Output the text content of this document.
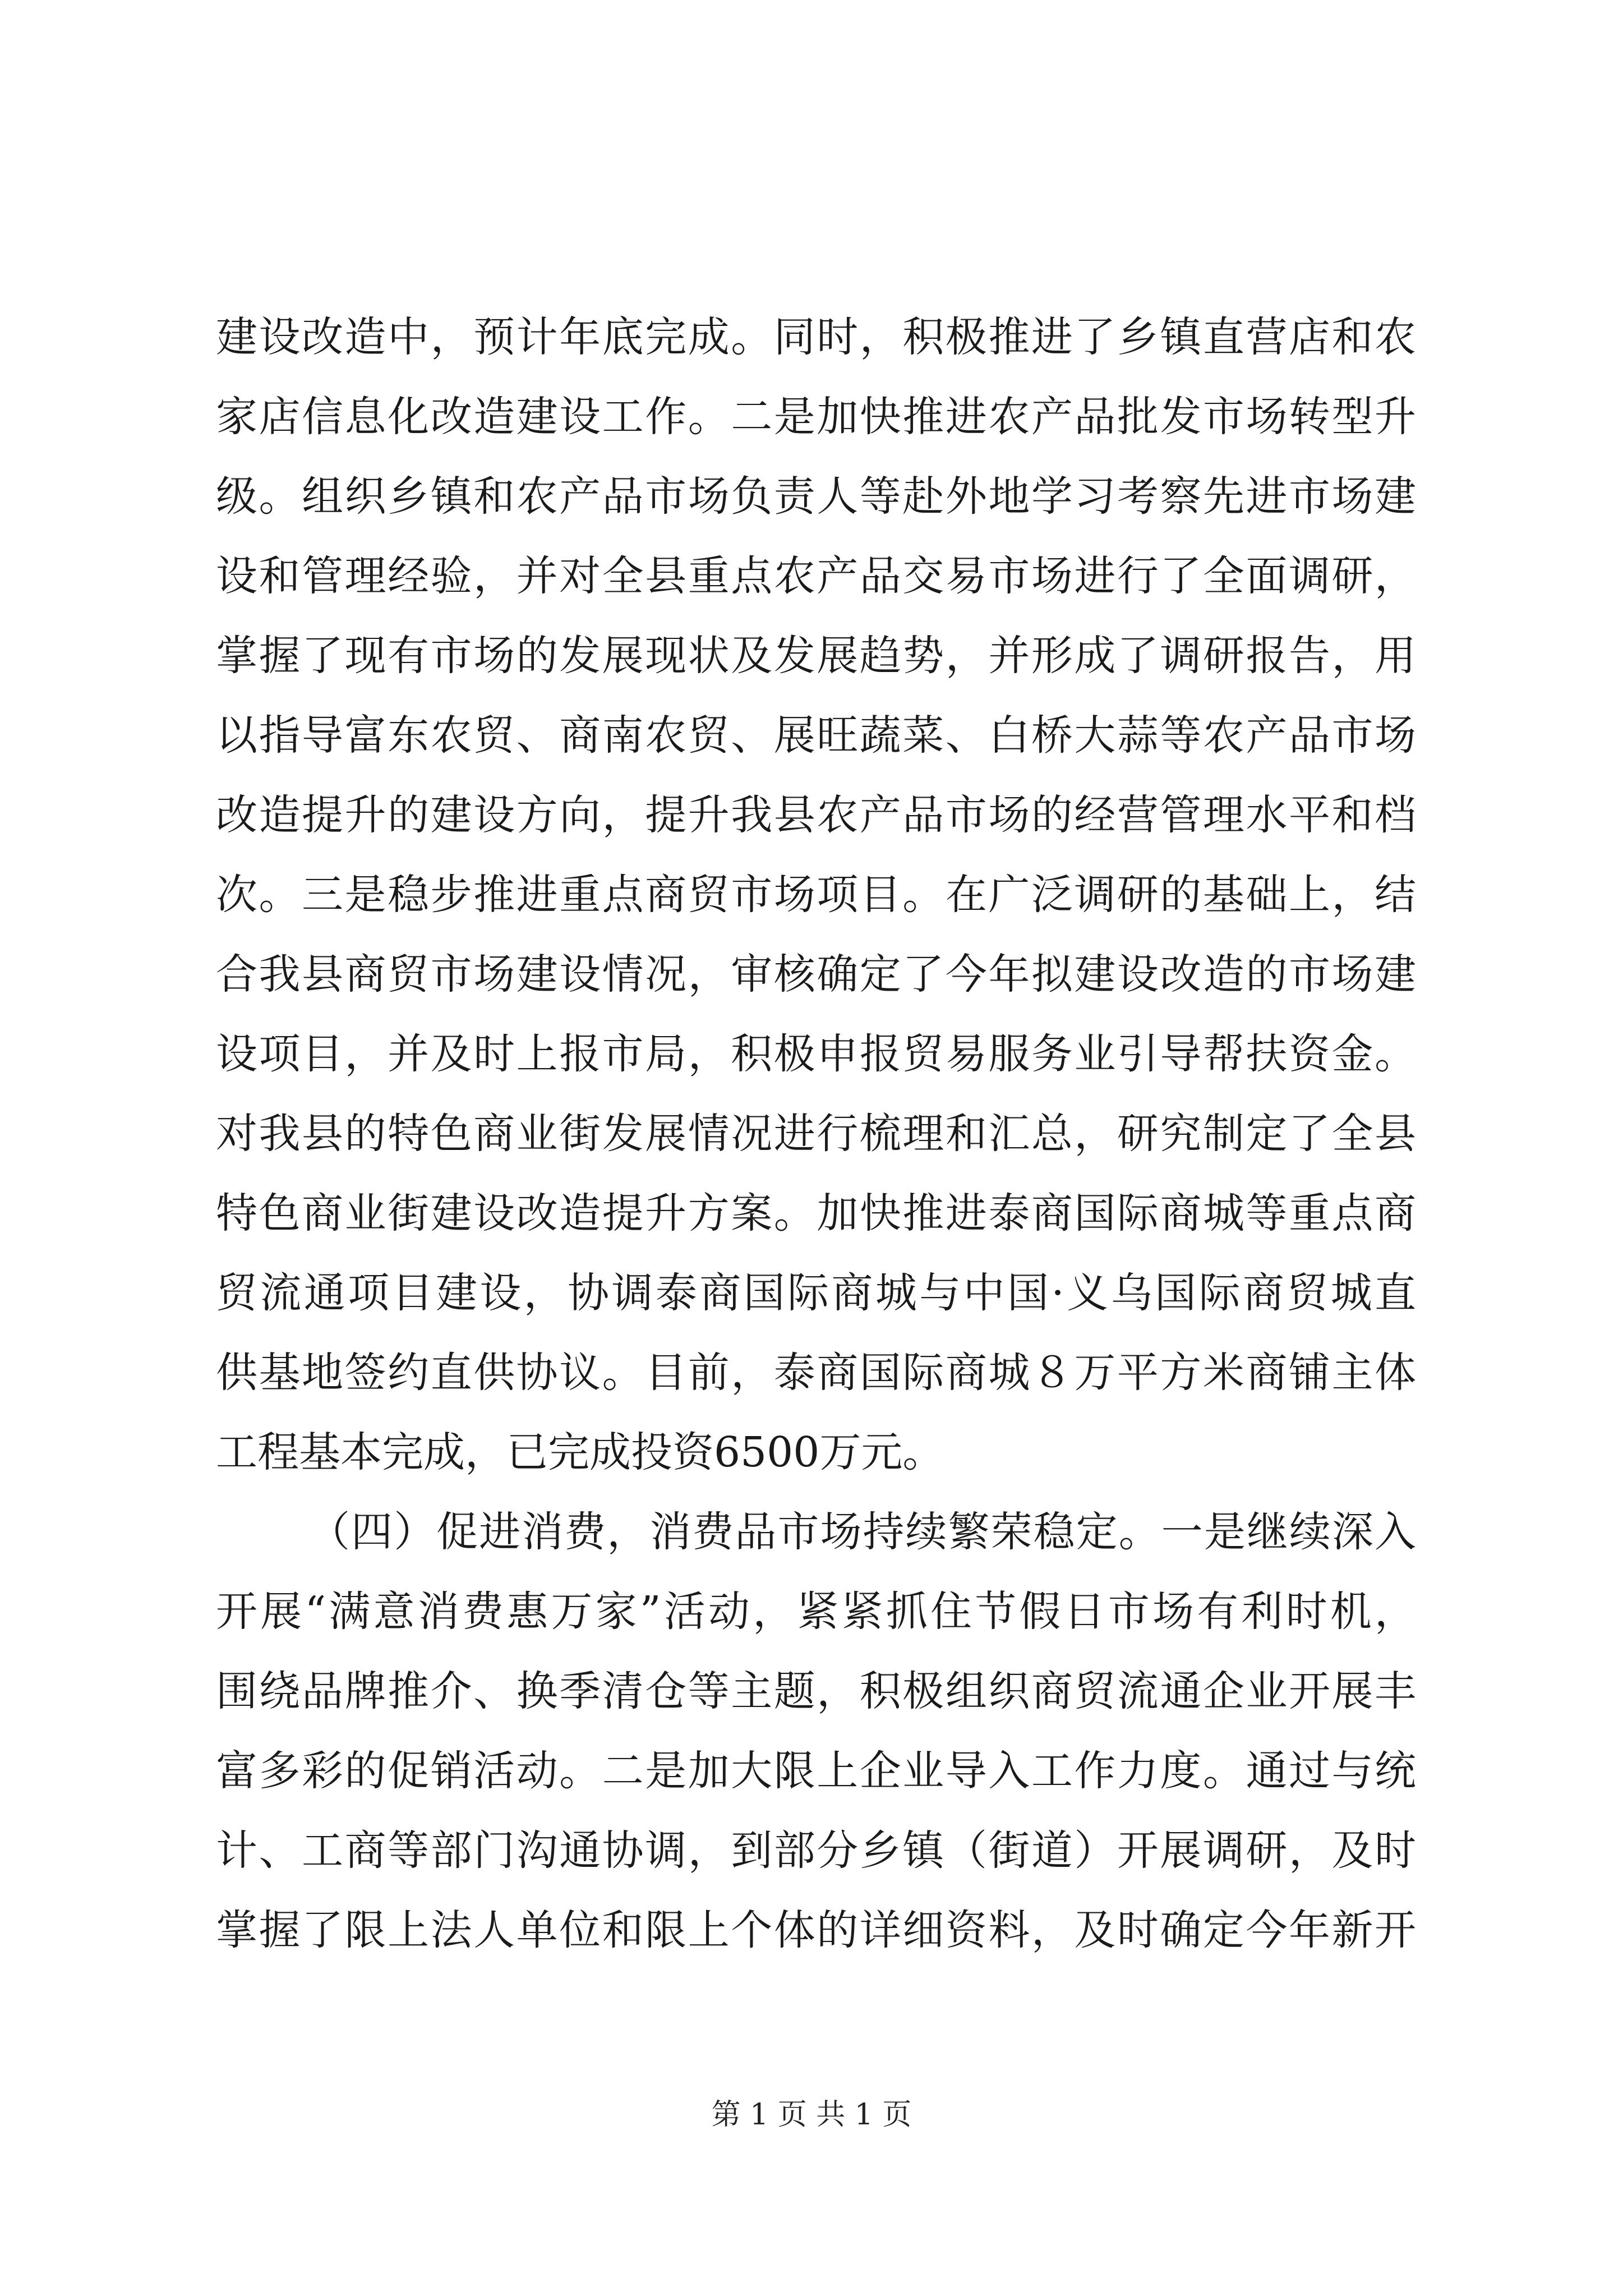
建设改造中，预计年底完成。同时，积极推进了乡镇直营店和农
家店信息化改造建设工作。二是加快推进农产品批发市场转型升
级。组织乡镇和农产品市场负责人等赴外地学习考察先进市场建
设和管理经验，并对全县重点农产品交易市场进行了全面调研，
掌握了现有市场的发展现状及发展趋势，并形成了调研报告，用
以指导富东农贸、商南农贸、展旺蔬菜、白桥大蒜等农产品市场
改造提升的建设方向，提升我县农产品市场的经营管理水平和档
次。三是稳步推进重点商贸市场项目。在广泛调研的基础上，结
合我县商贸市场建设情况，审核确定了今年拟建设改造的市场建
设项目，并及时上报市局，积极申报贸易服务业引导帮扶资金。
对我县的特色商业街发展情况进行梳理和汇总，研究制定了全县
特色商业街建设改造提升方案。加快推进泰商国际商城等重点商
贸流通项目建设，协调泰商国际商城与中国·义乌国际商贸城直
供基地签约直供协议。目前，泰商国际商城８万平方米商铺主体
工程基本完成，已完成投资6500万元。
（四）促进消费，消费品市场持续繁荣稳定。一是继续深入
开展“满意消费惠万家”活动，紧紧抓住节假日市场有利时机，
围绕品牌推介、换季清仓等主题，积极组织商贸流通企业开展丰
富多彩的促销活动。二是加大限上企业导入工作力度。通过与统
计、工商等部门沟通协调，到部分乡镇（街道）开展调研，及时
掌握了限上法人单位和限上个体的详细资料，及时确定今年新开
第 1 页 共 1 页
